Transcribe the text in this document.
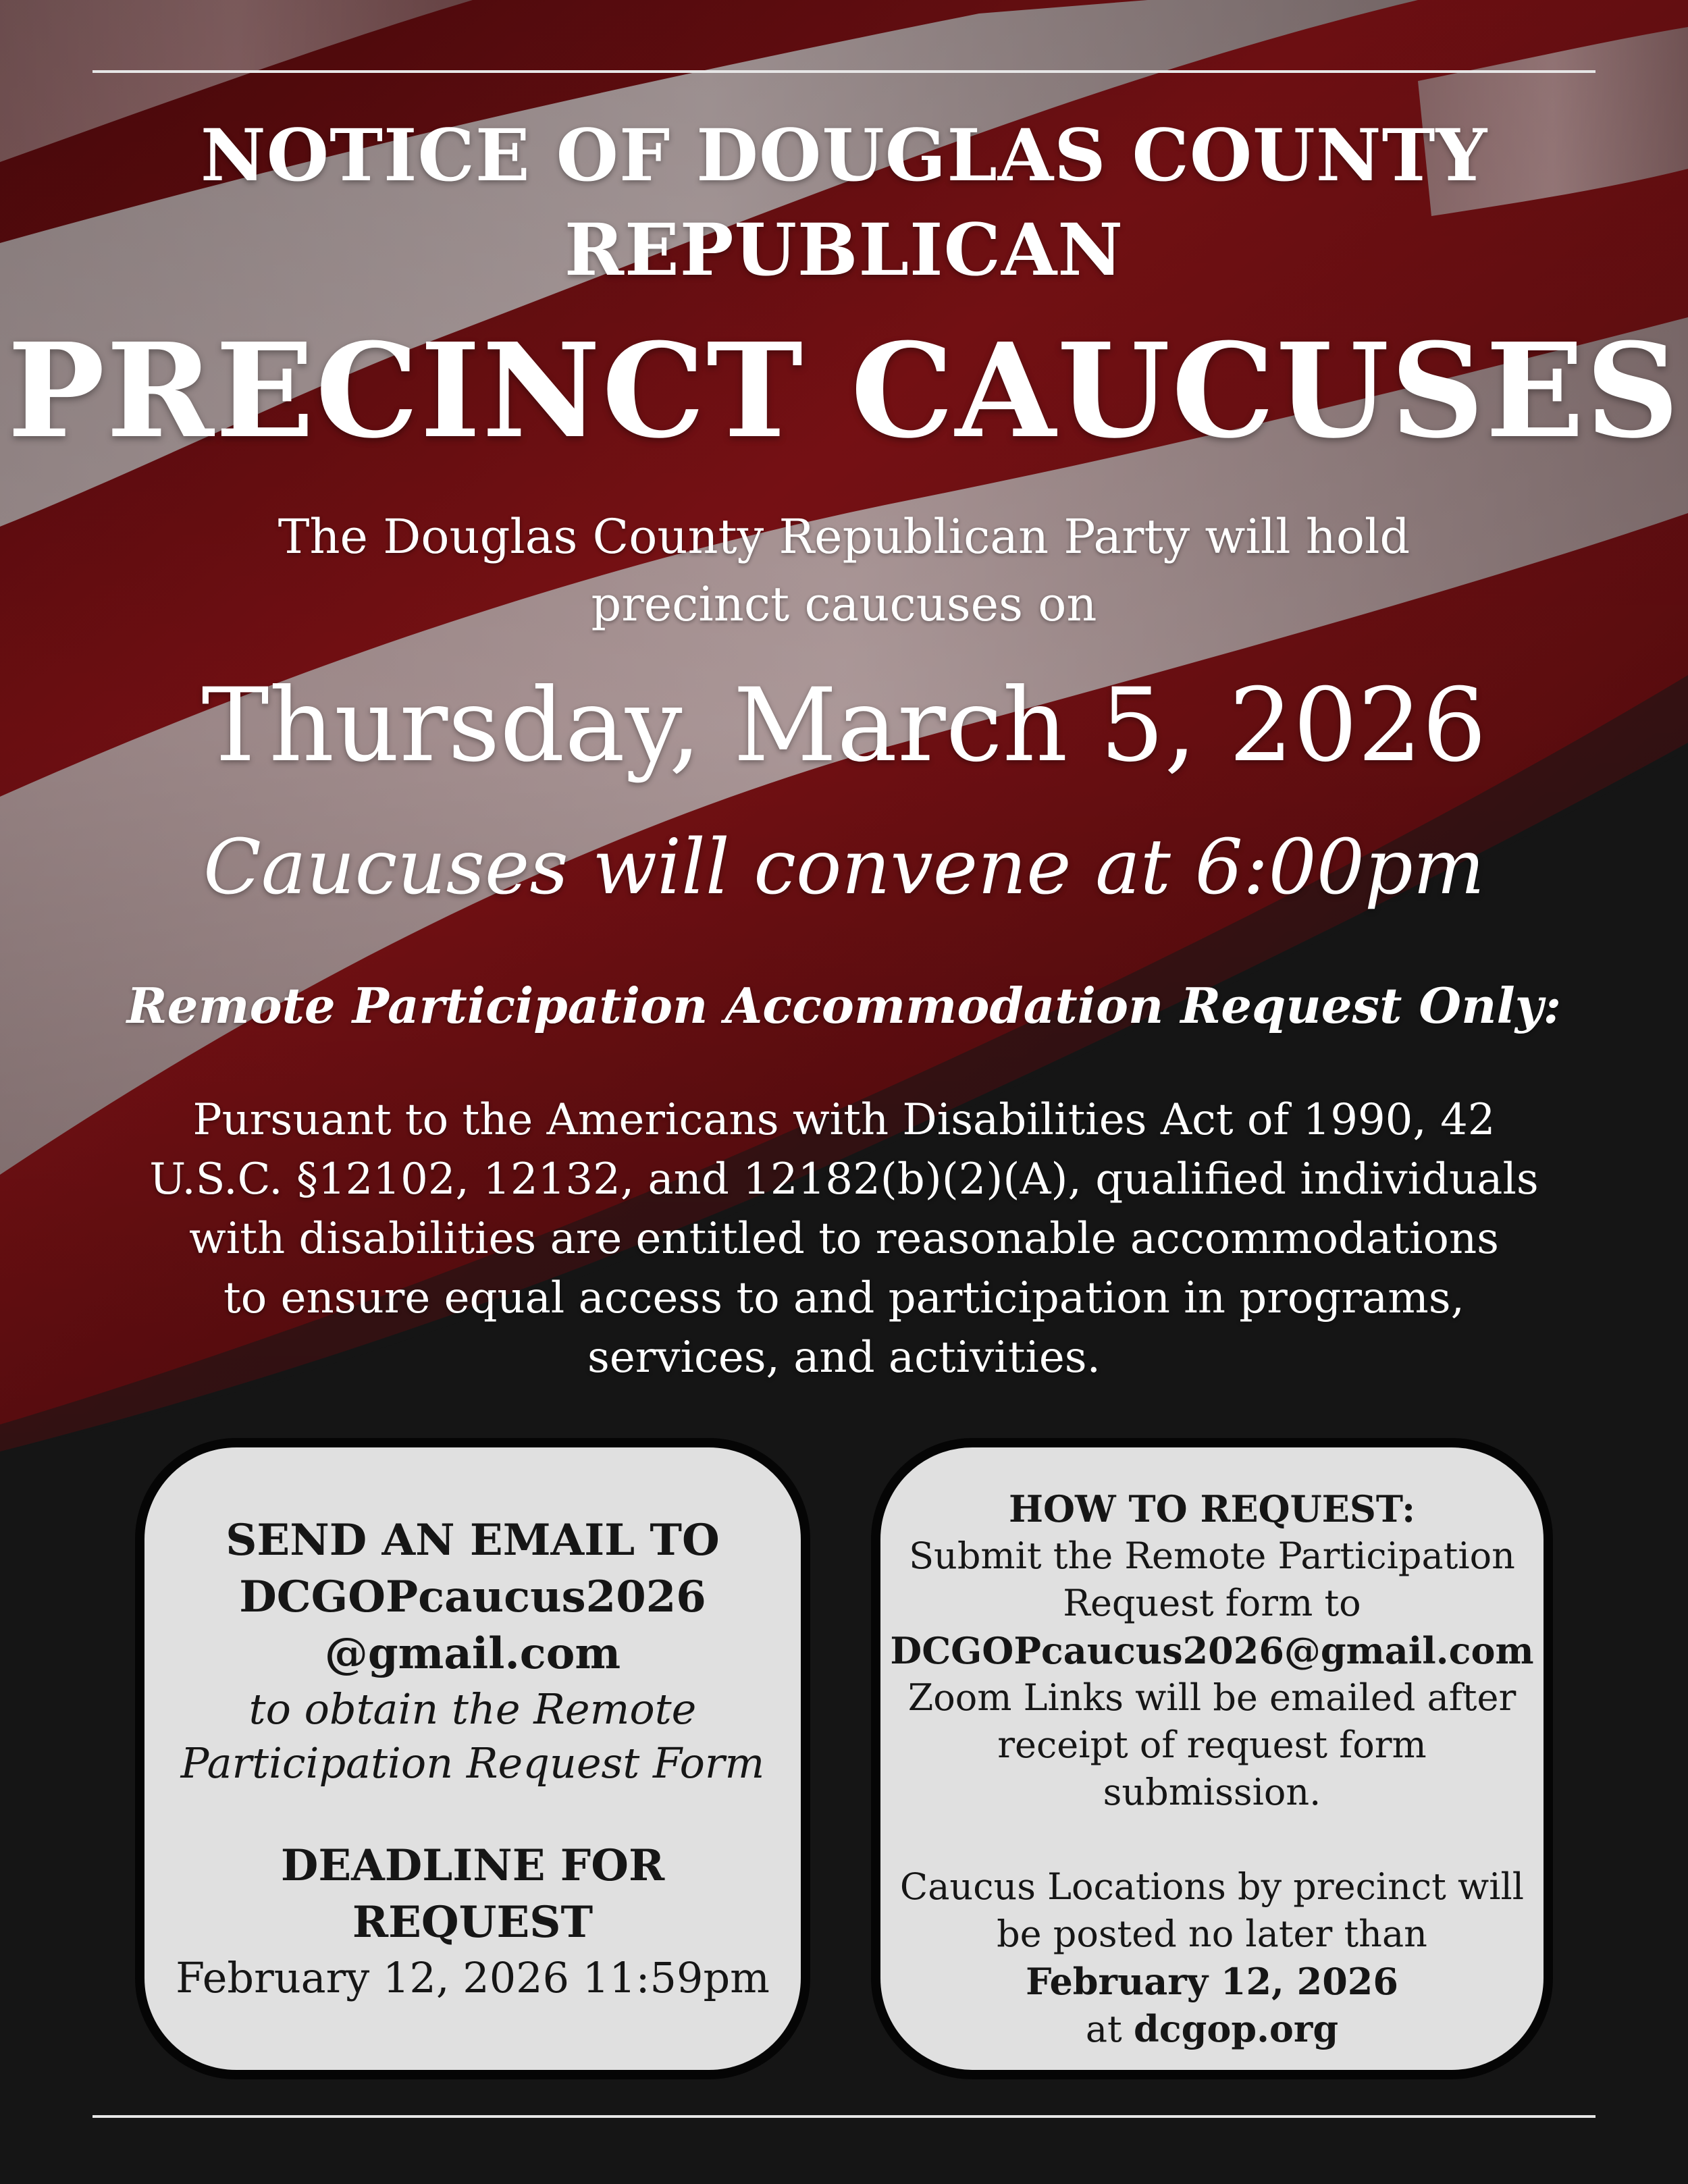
NOTICE OF DOUGLAS COUNTY
REPUBLICAN
PRECINCT CAUCUSES
The Douglas County Republican Party will hold
precinct caucuses on
Thursday, March 5, 2026
Caucuses will convene at 6:00pm
Remote Participation Accommodation Request Only:
Pursuant to the Americans with Disabilities Act of 1990, 42
U.S.C. §12102, 12132, and 12182(b)(2)(A), qualified individuals
with disabilities are entitled to reasonable accommodations
to ensure equal access to and participation in programs,
services, and activities.
SEND AN EMAIL TO
DCGOPcaucus2026
@gmail.com
to obtain the Remote
Participation Request Form
DEADLINE FOR
REQUEST
February 12, 2026 11:59pm
HOW TO REQUEST:
Submit the Remote Participation
Request form to
DCGOPcaucus2026@gmail.com
Zoom Links will be emailed after
receipt of request form
submission.
Caucus Locations by precinct will
be posted no later than
February 12, 2026
at dcgop.org
